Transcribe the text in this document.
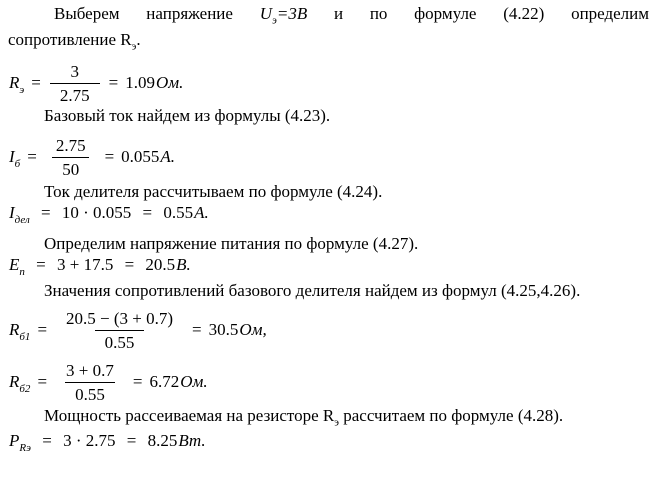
Выберем напряжение $U_э=3В$ и по формуле (4.22) определим
сопротивление $R_э$.
$R_э = \frac{3}{2.75} = 1.09$ Ом.
Базовый ток найдем из формулы (4.23).
$I_б = \frac{2.75}{50} = 0.055$ А.
Ток делителя рассчитываем по формуле (4.24).
$I_{дел} = 10 \cdot 0.055 = 0.55А$.
Определим напряжение питания по формуле (4.27).
$E_п = 3 + 17.5 = 20.5В$.
Значения сопротивлений базового делителя найдем из формул (4.25,4.26).
$R_{б1} = \frac{20.5 - (3 + 0.7)}{0.55} = 30.5$ Ом,
$R_{б2} = \frac{3 + 0.7}{0.55} = 6.72$ Ом.
Мощность рассеиваемая на резисторе $R_э$ рассчитаем по формуле (4.28).
$P_{Rэ} = 3 \cdot 2.75 = 8.25Вт$.
